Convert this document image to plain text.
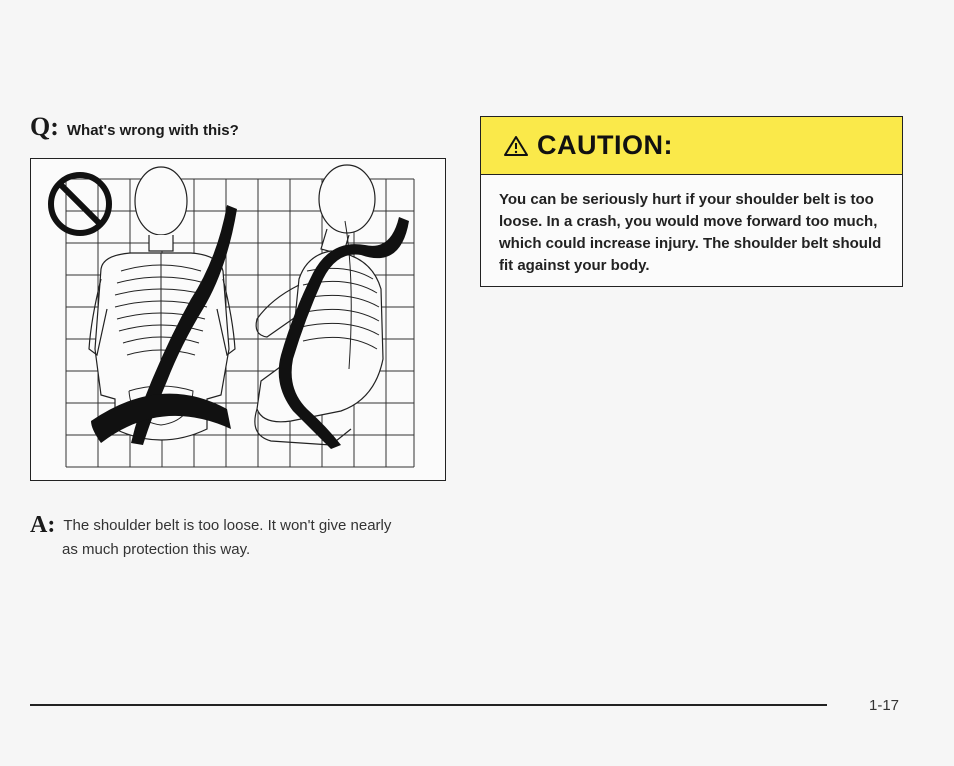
Q: What's wrong with this?
A: The shoulder belt is too loose. It won't give nearly
as much protection this way.
CAUTION:
You can be seriously hurt if your shoulder belt is too loose. In a crash, you would move forward too much, which could increase injury. The shoulder belt should fit against your body.
1-17
